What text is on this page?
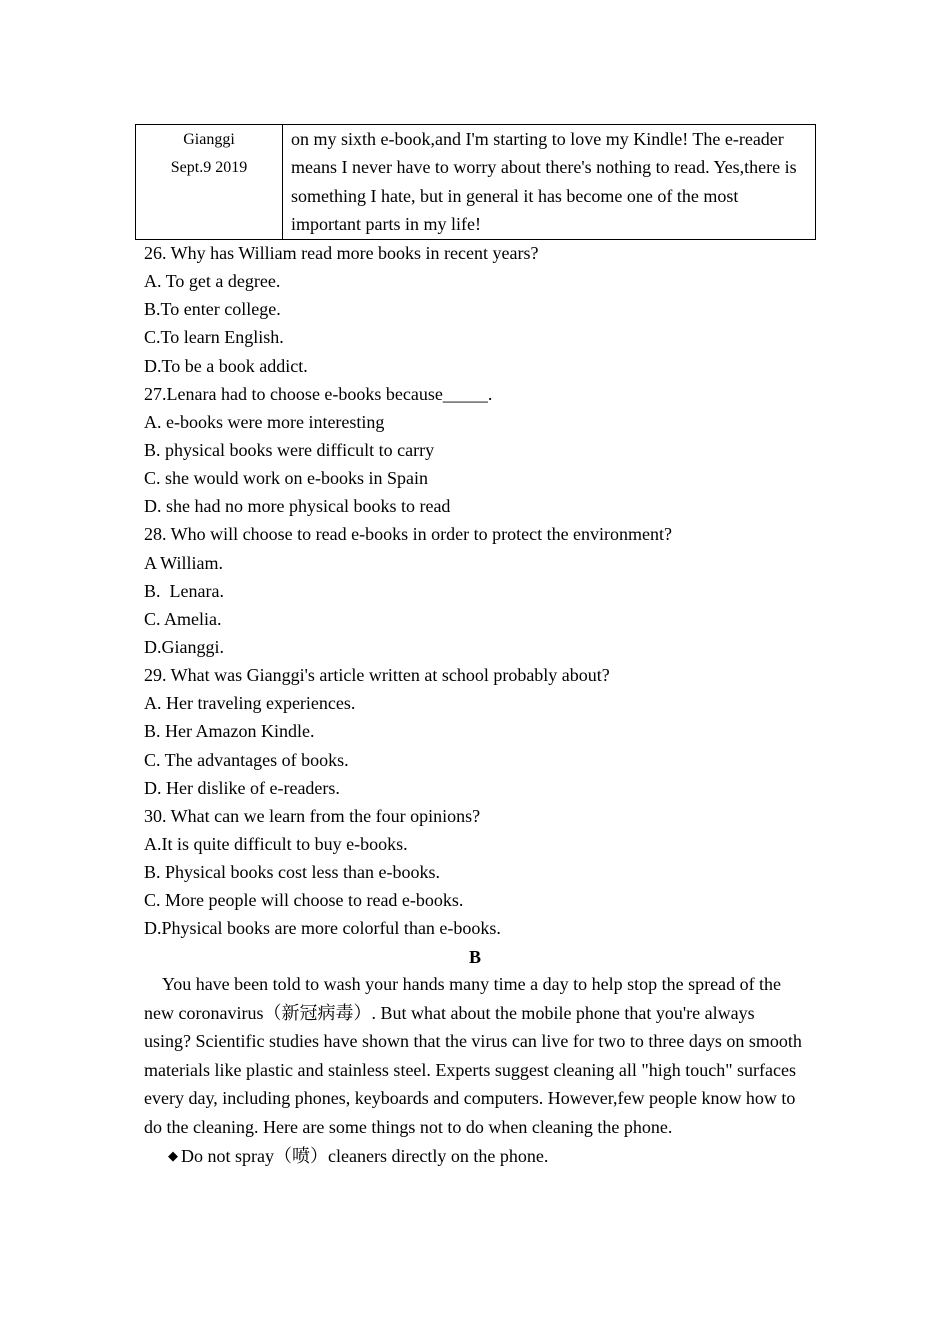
Gianggi
Sept.9 2019
	on my sixth e-book,and I'm starting to love my Kindle! The e-reader means I never have to worry about there's nothing to read. Yes,there is something I hate, but in general it has become one of the most important parts in my life!
26. Why has William read more books in recent years?
A. To get a degree.
B.To enter college.
C.To learn English.
D.To be a book addict.
27.Lenara had to choose e-books because_____.
A. e-books were more interesting
B. physical books were difficult to carry
C. she would work on e-books in Spain
D. she had no more physical books to read
28. Who will choose to read e-books in order to protect the environment?
A William.
B.  Lenara.
C. Amelia.
D.Gianggi.
29. What was Gianggi's article written at school probably about?
A. Her traveling experiences.
B. Her Amazon Kindle.
C. The advantages of books.
D. Her dislike of e-readers.
30. What can we learn from the four opinions?
A.It is quite difficult to buy e-books.
B. Physical books cost less than e-books.
C. More people will choose to read e-books.
D.Physical books are more colorful than e-books.
B

You have been told to wash your hands many time a day to help stop the spread of the new coronavirus（新冠病毒）. But what about the mobile phone that you're always using? Scientific studies have shown that the virus can live for two to three days on smooth materials like plastic and stainless steel. Experts suggest cleaning all "high touch" surfaces every day, including phones, keyboards and computers. However,few people know how to do the cleaning. Here are some things not to do when cleaning the phone.

◆ Do not spray（喷）cleaners directly on the phone.
